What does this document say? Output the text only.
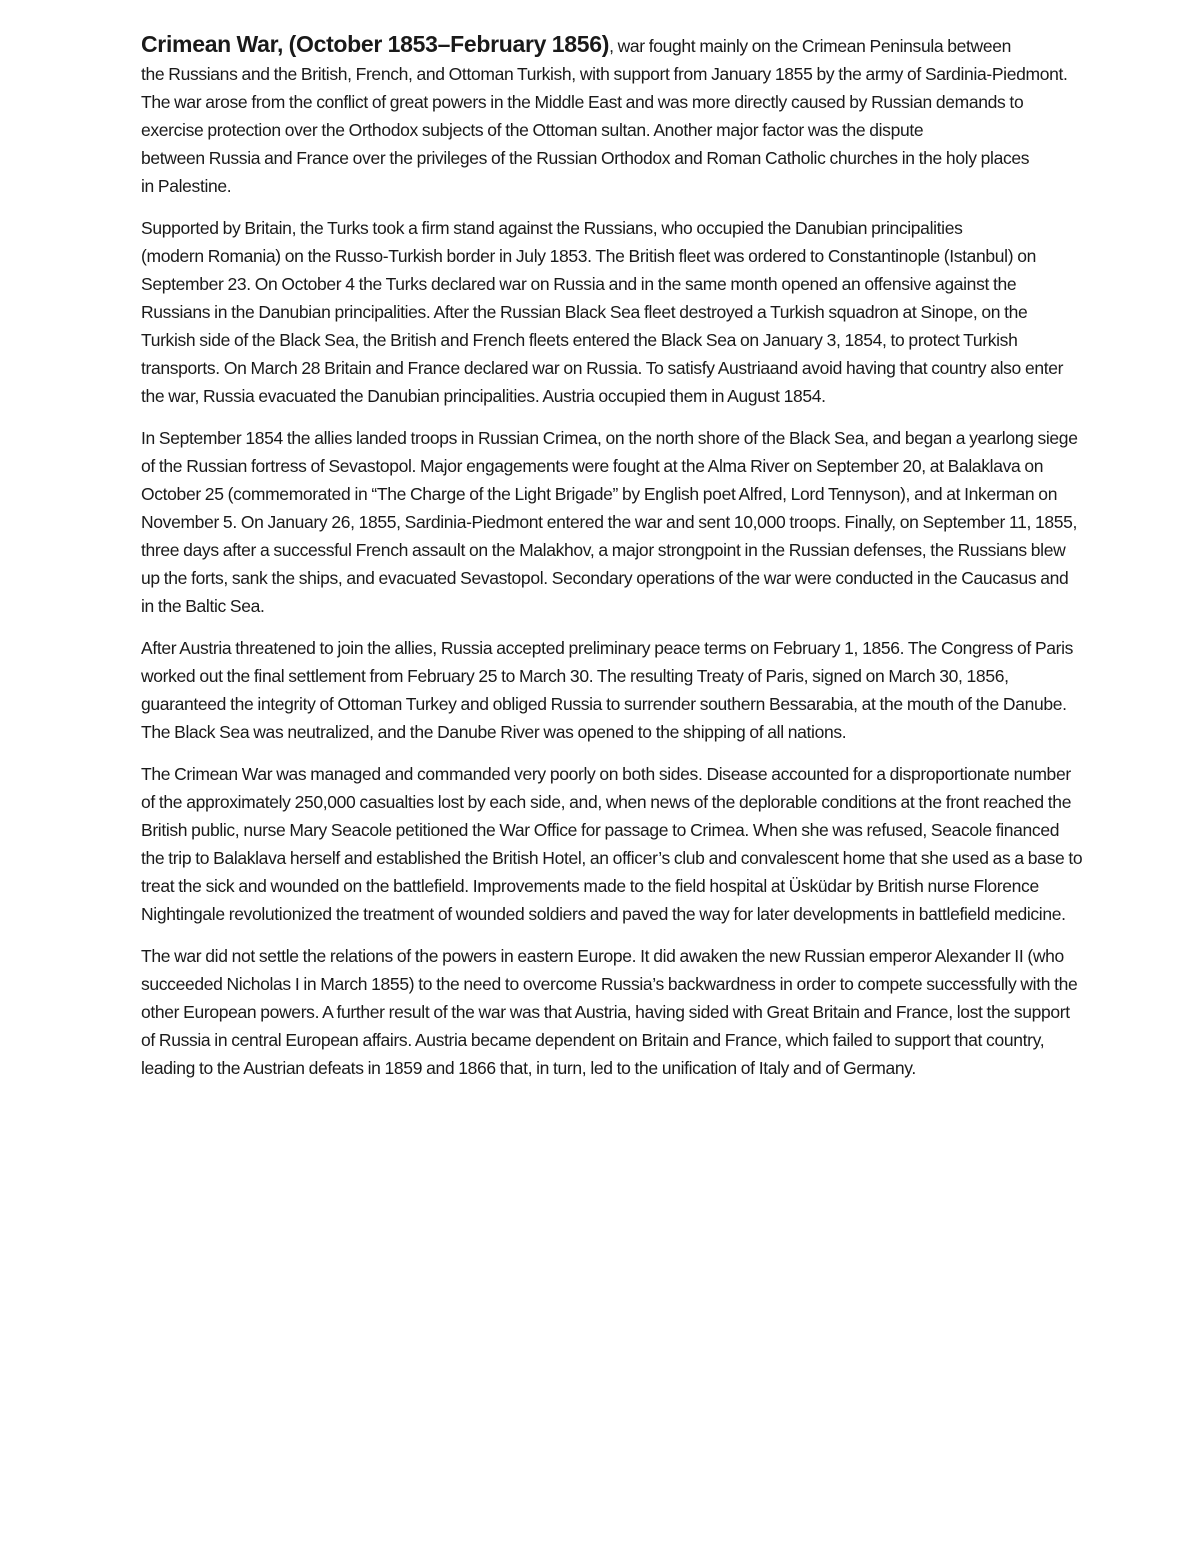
Crimean War, (October 1853–February 1856), war fought mainly on the Crimean Peninsula between
the Russians and the British, French, and Ottoman Turkish, with support from January 1855 by the army of Sardinia-Piedmont.
The war arose from the conflict of great powers in the Middle East and was more directly caused by Russian demands to
exercise protection over the Orthodox subjects of the Ottoman sultan. Another major factor was the dispute
between Russia and France over the privileges of the Russian Orthodox and Roman Catholic churches in the holy places
in Palestine.

Supported by Britain, the Turks took a firm stand against the Russians, who occupied the Danubian principalities
(modern Romania) on the Russo-Turkish border in July 1853. The British fleet was ordered to Constantinople (Istanbul) on
September 23. On October 4 the Turks declared war on Russia and in the same month opened an offensive against the
Russians in the Danubian principalities. After the Russian Black Sea fleet destroyed a Turkish squadron at Sinope, on the
Turkish side of the Black Sea, the British and French fleets entered the Black Sea on January 3, 1854, to protect Turkish
transports. On March 28 Britain and France declared war on Russia. To satisfy Austriaand avoid having that country also enter
the war, Russia evacuated the Danubian principalities. Austria occupied them in August 1854.

In September 1854 the allies landed troops in Russian Crimea, on the north shore of the Black Sea, and began a yearlong siege
of the Russian fortress of Sevastopol. Major engagements were fought at the Alma River on September 20, at Balaklava on
October 25 (commemorated in “The Charge of the Light Brigade” by English poet Alfred, Lord Tennyson), and at Inkerman on
November 5. On January 26, 1855, Sardinia-Piedmont entered the war and sent 10,000 troops. Finally, on September 11, 1855,
three days after a successful French assault on the Malakhov, a major strongpoint in the Russian defenses, the Russians blew
up the forts, sank the ships, and evacuated Sevastopol. Secondary operations of the war were conducted in the Caucasus and
in the Baltic Sea.

After Austria threatened to join the allies, Russia accepted preliminary peace terms on February 1, 1856. The Congress of Paris
worked out the final settlement from February 25 to March 30. The resulting Treaty of Paris, signed on March 30, 1856,
guaranteed the integrity of Ottoman Turkey and obliged Russia to surrender southern Bessarabia, at the mouth of the Danube.
The Black Sea was neutralized, and the Danube River was opened to the shipping of all nations.

The Crimean War was managed and commanded very poorly on both sides. Disease accounted for a disproportionate number
of the approximately 250,000 casualties lost by each side, and, when news of the deplorable conditions at the front reached the
British public, nurse Mary Seacole petitioned the War Office for passage to Crimea. When she was refused, Seacole financed
the trip to Balaklava herself and established the British Hotel, an officer’s club and convalescent home that she used as a base to
treat the sick and wounded on the battlefield. Improvements made to the field hospital at Üsküdar by British nurse Florence
Nightingale revolutionized the treatment of wounded soldiers and paved the way for later developments in battlefield medicine.

The war did not settle the relations of the powers in eastern Europe. It did awaken the new Russian emperor Alexander II (who
succeeded Nicholas I in March 1855) to the need to overcome Russia’s backwardness in order to compete successfully with the
other European powers. A further result of the war was that Austria, having sided with Great Britain and France, lost the support
of Russia in central European affairs. Austria became dependent on Britain and France, which failed to support that country,
leading to the Austrian defeats in 1859 and 1866 that, in turn, led to the unification of Italy and of Germany.
